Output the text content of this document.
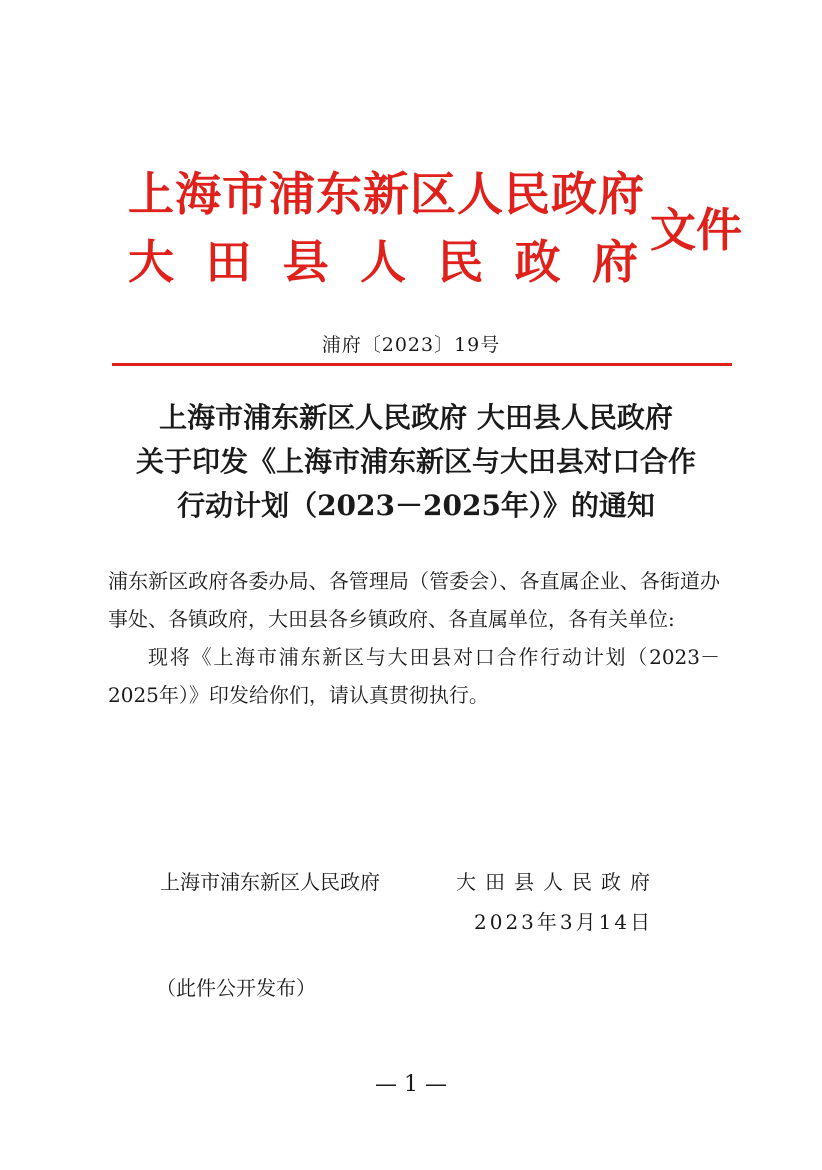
上海市浦东新区人民政府
大 田 县 人 民 政 府
文件
浦府〔2023〕19号
上海市浦东新区人民政府 大田县人民政府
关于印发《上海市浦东新区与大田县对口合作
行动计划（2023－2025年）》的通知
浦东新区政府各委办局、各管理局（管委会）、各直属企业、各街道办事处、各镇政府，大田县各乡镇政府、各直属单位，各有关单位:
现将《上海市浦东新区与大田县对口合作行动计划（2023－2025年）》印发给你们，请认真贯彻执行。
上海市浦东新区人民政府	大田县人民政府
2023年3月14日
（此件公开发布）
— 1 —
